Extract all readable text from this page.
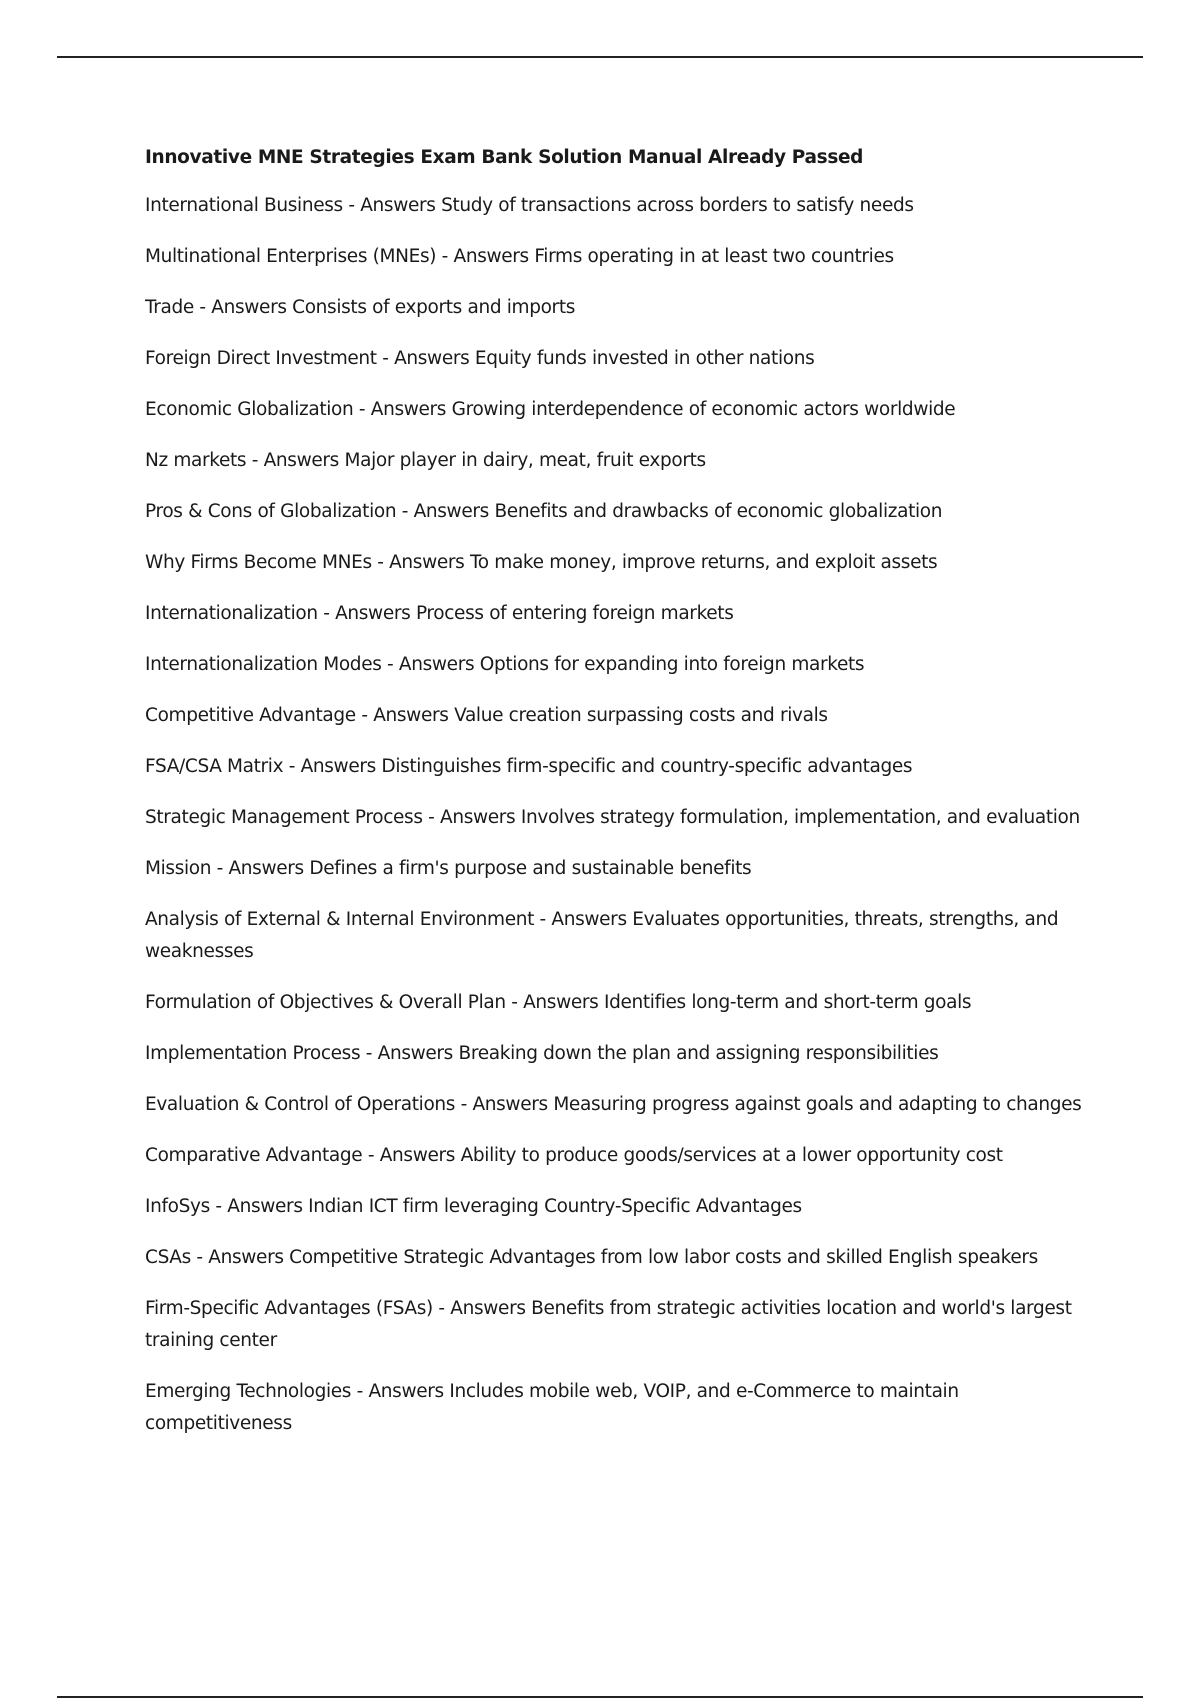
Innovative MNE Strategies Exam Bank Solution Manual Already Passed
International Business - Answers Study of transactions across borders to satisfy needs
Multinational Enterprises (MNEs) - Answers Firms operating in at least two countries
Trade - Answers Consists of exports and imports
Foreign Direct Investment - Answers Equity funds invested in other nations
Economic Globalization - Answers Growing interdependence of economic actors worldwide
Nz markets - Answers Major player in dairy, meat, fruit exports
Pros & Cons of Globalization - Answers Benefits and drawbacks of economic globalization
Why Firms Become MNEs - Answers To make money, improve returns, and exploit assets
Internationalization - Answers Process of entering foreign markets
Internationalization Modes - Answers Options for expanding into foreign markets
Competitive Advantage - Answers Value creation surpassing costs and rivals
FSA/CSA Matrix - Answers Distinguishes firm-specific and country-specific advantages
Strategic Management Process - Answers Involves strategy formulation, implementation, and evaluation
Mission - Answers Defines a firm's purpose and sustainable benefits
Analysis of External & Internal Environment - Answers Evaluates opportunities, threats, strengths, and weaknesses
Formulation of Objectives & Overall Plan - Answers Identifies long-term and short-term goals
Implementation Process - Answers Breaking down the plan and assigning responsibilities
Evaluation & Control of Operations - Answers Measuring progress against goals and adapting to changes
Comparative Advantage - Answers Ability to produce goods/services at a lower opportunity cost
InfoSys - Answers Indian ICT firm leveraging Country-Specific Advantages
CSAs - Answers Competitive Strategic Advantages from low labor costs and skilled English speakers
Firm-Specific Advantages (FSAs) - Answers Benefits from strategic activities location and world's largest training center
Emerging Technologies - Answers Includes mobile web, VOIP, and e-Commerce to maintain competitiveness
